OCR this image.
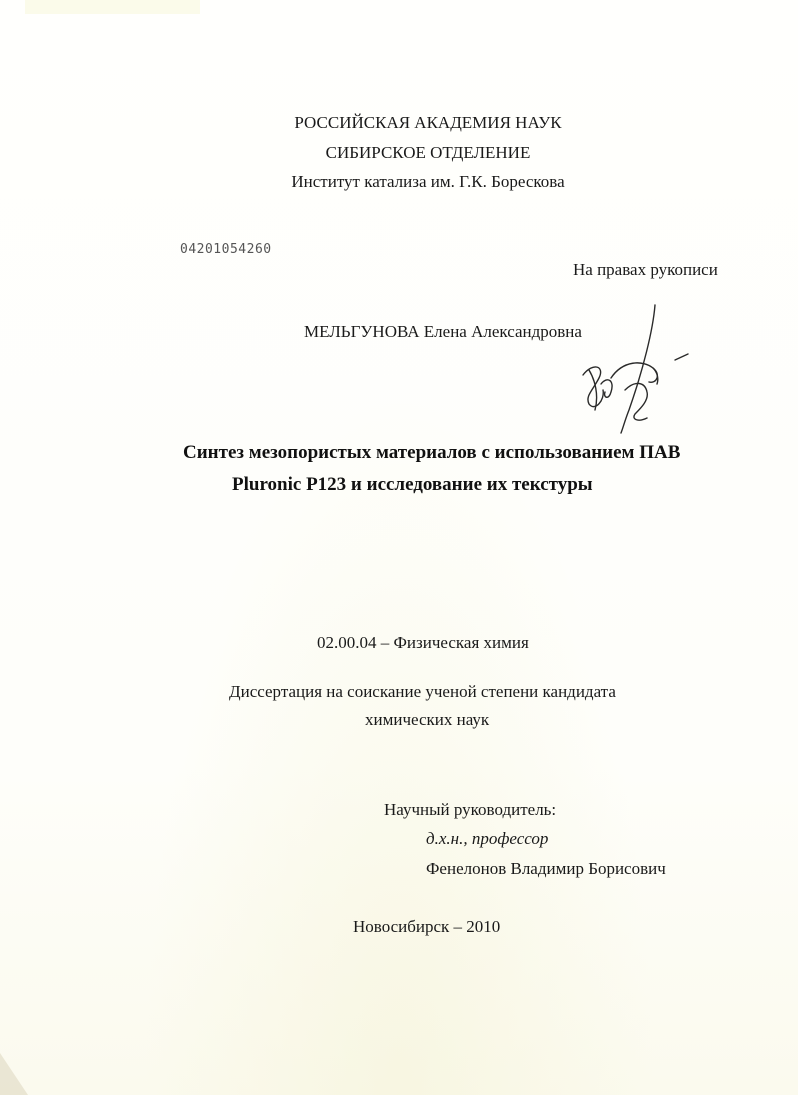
РОССИЙСКАЯ АКАДЕМИЯ НАУК
СИБИРСКОЕ ОТДЕЛЕНИЕ
Институт катализа им. Г.К. Борескова
04201054260
На правах рукописи
МЕЛЬГУНОВА Елена Александровна
Синтез мезопористых материалов с использованием ПАВ
Pluronic P123 и исследование их текстуры
02.00.04 – Физическая химия
Диссертация на соискание ученой степени кандидата
химических наук
Научный руководитель:
д.х.н., профессор
Фенелонов Владимир Борисович
Новосибирск – 2010
